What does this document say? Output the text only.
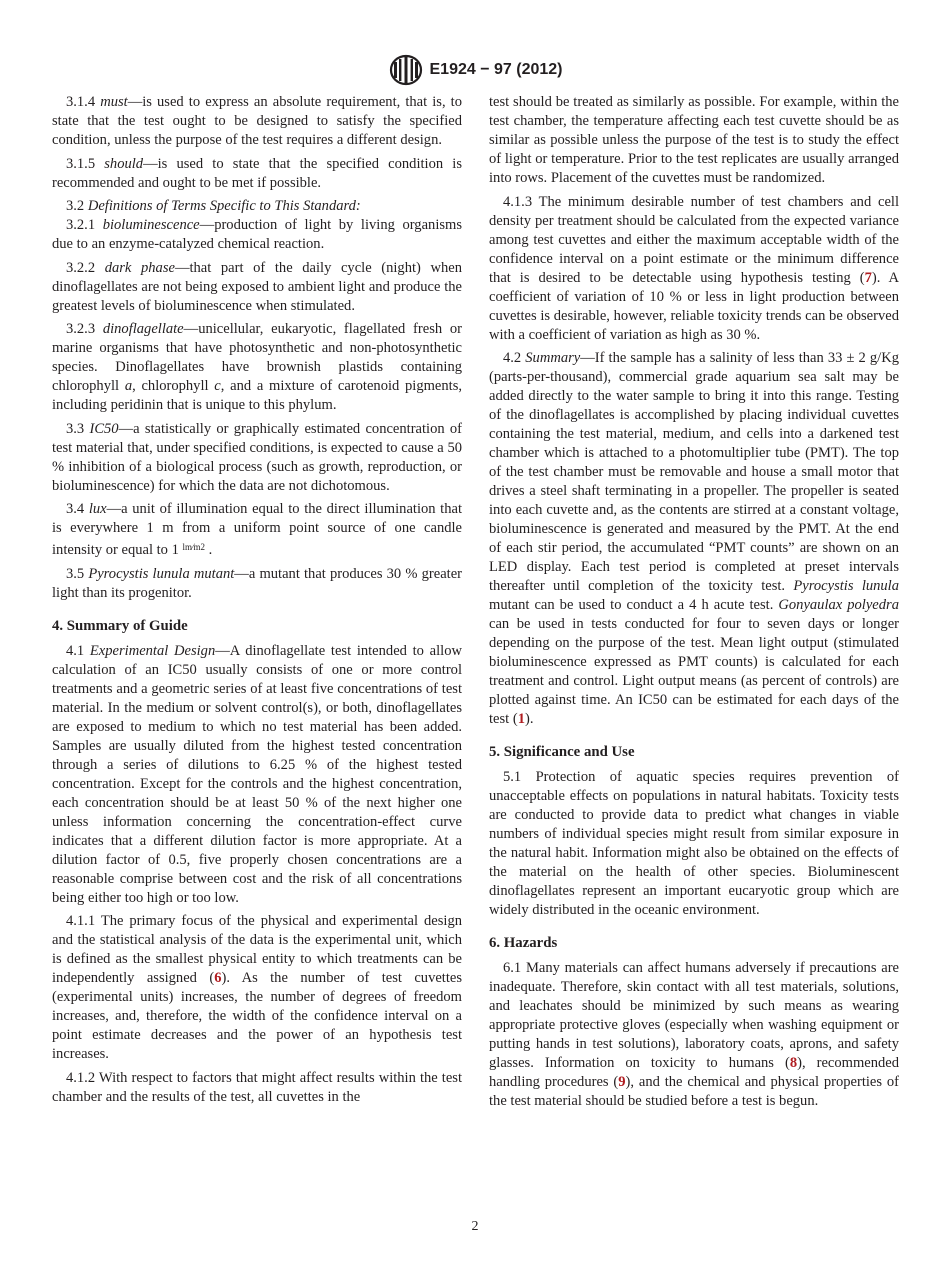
E1924 − 97 (2012)

3.1.4 must—is used to express an absolute requirement, that is, to state that the test ought to be designed to satisfy the specified condition, unless the purpose of the test requires a different design.

3.1.5 should—is used to state that the specified condition is recommended and ought to be met if possible.

3.2 Definitions of Terms Specific to This Standard:

3.2.1 bioluminescence—production of light by living organisms due to an enzyme-catalyzed chemical reaction.

3.2.2 dark phase—that part of the daily cycle (night) when dinoflagellates are not being exposed to ambient light and produce the greatest levels of bioluminescence when stimulated.

3.2.3 dinoflagellate—unicellular, eukaryotic, flagellated fresh or marine organisms that have photosynthetic and non-photosynthetic species. Dinoflagellates have brownish plastids containing chlorophyll a, chlorophyll c, and a mixture of carotenoid pigments, including peridinin that is unique to this phylum.

3.3 IC50—a statistically or graphically estimated concentration of test material that, under specified conditions, is expected to cause a 50 % inhibition of a biological process (such as growth, reproduction, or bioluminescence) for which the data are not dichotomous.

3.4 lux—a unit of illumination equal to the direct illumination that is everywhere 1 m from a uniform point source of one candle intensity or equal to 1 $^{lm⁄m2}$ .

3.5 Pyrocystis lunula mutant—a mutant that produces 30 % greater light than its progenitor.

4. Summary of Guide

4.1 Experimental Design—A dinoflagellate test intended to allow calculation of an IC50 usually consists of one or more control treatments and a geometric series of at least five concentrations of test material. In the medium or solvent control(s), or both, dinoflagellates are exposed to medium to which no test material has been added. Samples are usually diluted from the highest tested concentration through a series of dilutions to 6.25 % of the highest tested concentration. Except for the controls and the highest concentration, each concentration should be at least 50 % of the next higher one unless information concerning the concentration-effect curve indicates that a different dilution factor is more appropriate. At a dilution factor of 0.5, five properly chosen concentrations are a reasonable comprise between cost and the risk of all concentrations being either too high or too low.

4.1.1 The primary focus of the physical and experimental design and the statistical analysis of the data is the experimental unit, which is defined as the smallest physical entity to which treatments can be independently assigned (6). As the number of test cuvettes (experimental units) increases, the number of degrees of freedom increases, and, therefore, the width of the confidence interval on a point estimate decreases and the power of an hypothesis test increases.

4.1.2 With respect to factors that might affect results within the test chamber and the results of the test, all cuvettes in the

test should be treated as similarly as possible. For example, within the test chamber, the temperature affecting each test cuvette should be as similar as possible unless the purpose of the test is to study the effect of light or temperature. Prior to the test replicates are usually arranged into rows. Placement of the cuvettes must be randomized.

4.1.3 The minimum desirable number of test chambers and cell density per treatment should be calculated from the expected variance among test cuvettes and either the maximum acceptable width of the confidence interval on a point estimate or the minimum difference that is desired to be detectable using hypothesis testing (7). A coefficient of variation of 10 % or less in light production between cuvettes is desirable, however, reliable toxicity trends can be observed with a coefficient of variation as high as 30 %.

4.2 Summary—If the sample has a salinity of less than 33 ± 2 g/Kg (parts-per-thousand), commercial grade aquarium sea salt may be added directly to the water sample to bring it into this range. Testing of the dinoflagellates is accomplished by placing individual cuvettes containing the test material, medium, and cells into a darkened test chamber which is attached to a photomultiplier tube (PMT). The top of the test chamber must be removable and house a small motor that drives a steel shaft terminating in a propeller. The propeller is seated into each cuvette and, as the contents are stirred at a constant voltage, bioluminescence is generated and measured by the PMT. At the end of each stir period, the accumulated “PMT counts” are shown on an LED display. Each test period is completed at preset intervals thereafter until completion of the toxicity test. Pyrocystis lunula mutant can be used to conduct a 4 h acute test. Gonyaulax polyedra can be used in tests conducted for four to seven days or longer depending on the purpose of the test. Mean light output (stimulated bioluminescence expressed as PMT counts) is calculated for each treatment and control. Light output means (as percent of controls) are plotted against time. An IC50 can be estimated for each days of the test (1).

5. Significance and Use

5.1 Protection of aquatic species requires prevention of unacceptable effects on populations in natural habitats. Toxicity tests are conducted to provide data to predict what changes in viable numbers of individual species might result from similar exposure in the natural habit. Information might also be obtained on the effects of the material on the health of other species. Bioluminescent dinoflagellates represent an important eucaryotic group which are widely distributed in the oceanic environment.

6. Hazards

6.1 Many materials can affect humans adversely if precautions are inadequate. Therefore, skin contact with all test materials, solutions, and leachates should be minimized by such means as wearing appropriate protective gloves (especially when washing equipment or putting hands in test solutions), laboratory coats, aprons, and safety glasses. Information on toxicity to humans (8), recommended handling procedures (9), and the chemical and physical properties of the test material should be studied before a test is begun.

2
